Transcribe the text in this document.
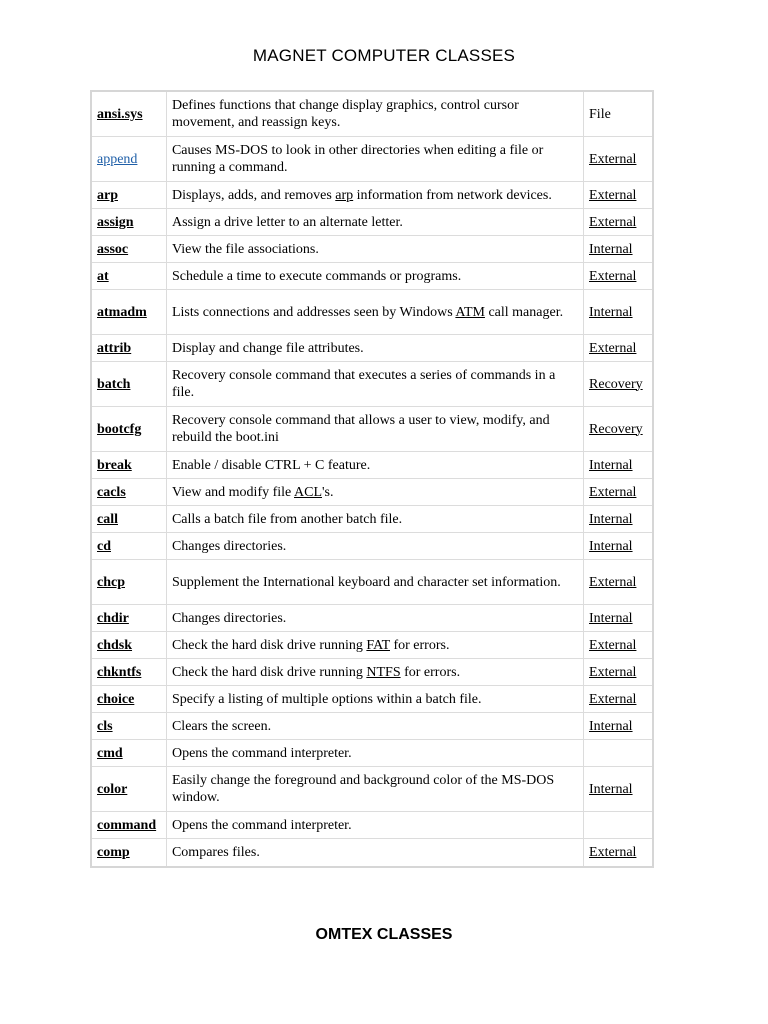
MAGNET COMPUTER CLASSES
ansi.sys	Defines functions that change display graphics, control cursor movement, and reassign keys.	File
append	Causes MS-DOS to look in other directories when editing a file or running a command.	External
arp	Displays, adds, and removes arp information from network devices.	External
assign	Assign a drive letter to an alternate letter.	External
assoc	View the file associations.	Internal
at	Schedule a time to execute commands or programs.	External
atmadm	Lists connections and addresses seen by Windows ATM call manager.	Internal
attrib	Display and change file attributes.	External
batch	Recovery console command that executes a series of commands in a file.	Recovery
bootcfg	Recovery console command that allows a user to view, modify, and rebuild the boot.ini	Recovery
break	Enable / disable CTRL + C feature.	Internal
cacls	View and modify file ACL's.	External
call	Calls a batch file from another batch file.	Internal
cd	Changes directories.	Internal
chcp	Supplement the International keyboard and character set information.	External
chdir	Changes directories.	Internal
chdsk	Check the hard disk drive running FAT for errors.	External
chkntfs	Check the hard disk drive running NTFS for errors.	External
choice	Specify a listing of multiple options within a batch file.	External
cls	Clears the screen.	Internal
cmd	Opens the command interpreter.	
color	Easily change the foreground and background color of the MS-DOS window.	Internal
command	Opens the command interpreter.	
comp	Compares files.	External
OMTEX CLASSES
